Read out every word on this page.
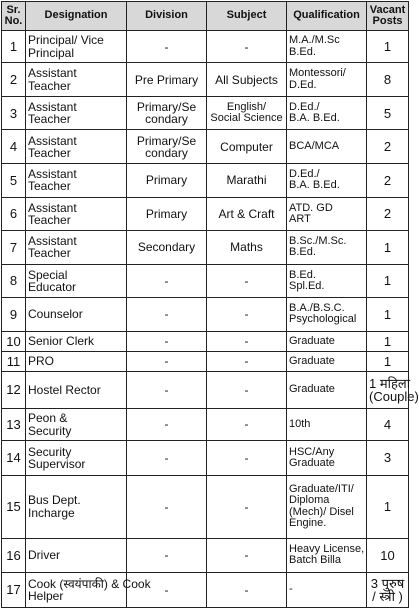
Sr.
No.	Designation	Division	Subject	Qualification	Vacant
Posts

1	Principal/ Vice
Principal	-	-	M.A./M.Sc
B.Ed.	1

2	Assistant
Teacher	Pre Primary	All Subjects	Montessori/
D.Ed.	8

3	Assistant
Teacher	Primary/Se
condary	English/
Social Science	D.Ed./
B.A. B.Ed.	5

4	Assistant
Teacher	Primary/Se
condary	Computer	BCA/MCA	2

5	Assistant
Teacher	Primary	Marathi	D.Ed./
B.A. B.Ed.	2

6	Assistant
Teacher	Primary	Art & Craft	ATD. GD
ART	2

7	Assistant
Teacher	Secondary	Maths	B.Sc./M.Sc.
B.Ed.	1

8	Special
Educator	-	-	B.Ed.
Spl.Ed.	1

9	Counselor	-	-	B.A./B.S.C.
Psychological	1

10	Senior Clerk	-	-	Graduate	1

11	PRO	-	-	Graduate	1

12	Hostel Rector	-	-	Graduate	1 महिला
(Couple)

13	Peon &
Security	-	-	10th	4

14	Security
Supervisor	-	-	HSC/Any
Graduate	3

15	Bus Dept.
Incharge	-	-	Graduate/ITI/
Diploma
(Mech)/ Disel
Engine.	1

16	Driver	-	-	Heavy License,
Batch Billa	10

17	Cook (स्वयंपाकी) & Cook
Helper	-	-	-	3 पुरुष
/ स्त्री )
